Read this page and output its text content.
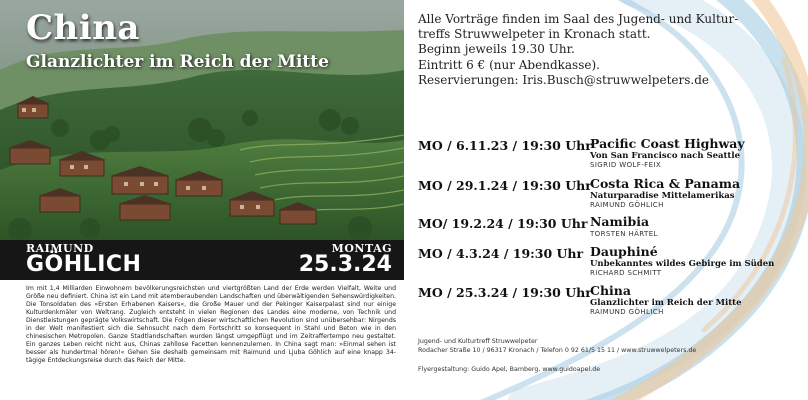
China
Glanzlichter im Reich der Mitte
RAIMUND
GÖHLICH
MONTAG
25.3.24

Im mit 1,4 Milliarden Einwohnern bevölkerungsreichsten und viertgrößten Land der Erde werden Vielfalt, Weite und Größe neu definiert. China ist ein Land mit atemberaubenden Landschaften und überwältigenden Sehenswürdigkeiten. Die Tonsoldaten des »Ersten Erhabenen Kaisers«, die Große Mauer und der Pekinger Kaiserpalast sind nur einige Kulturdenkmäler von Weltrang. Zugleich entsteht in vielen Regionen des Landes eine moderne, von Technik und Dienstleistungen geprägte Volkswirtschaft. Die Folgen dieser wirtschaftlichen Revolution sind unübersehbar: Nirgends in der Welt manifestiert sich die Sehnsucht nach dem Fortschritt so konsequent in Stahl und Beton wie in den chinesischen Metropolen. Ganze Stadtlandschaften wurden längst umgepflügt und im Zeitraffertempo neu gestaltet. Ein ganzes Leben reicht nicht aus, Chinas zahllose Facetten kennenzulernen. In China sagt man: »Einmal sehen ist besser als hundertmal hören!« Gehen Sie deshalb gemeinsam mit Raimund und Ljuba Göhlich auf eine knapp 34-tägige Entdeckungsreise durch das Reich der Mitte.

Alle Vorträge finden im Saal des Jugend- und Kultur-
treffs Struwwelpeter in Kronach statt.
Beginn jeweils 19.30 Uhr.
Eintritt 6 € (nur Abendkasse).
Reservierungen: Iris.Busch@struwwelpeters.de
MO / 6.11.23 / 19:30 Uhr
Pacific Coast Highway
Von San Francisco nach Seattle
SIGRID WOLF-FEIX
MO / 29.1.24 / 19:30 Uhr
Costa Rica & Panama
Naturparadise Mittelamerikas
RAIMUND GÖHLICH
MO/ 19.2.24 / 19:30 Uhr Namibia
TORSTEN HÄRTEL
MO / 4.3.24 / 19:30 Uhr Dauphiné
Unbekanntes wildes Gebirge im Süden
RICHARD SCHMITT
MO / 25.3.24 / 19:30 Uhr
China
Glanzlichter im Reich der Mitte
RAIMUND GÖHLICH
Jugend- und Kulturtreff Struwwelpeter
Rodacher Straße 10 / 96317 Kronach / Telefon 0 92 61/5 15 11 / www.struwwelpeters.de
Flyergestaltung: Guido Apel, Bamberg, www.guidoapel.de
